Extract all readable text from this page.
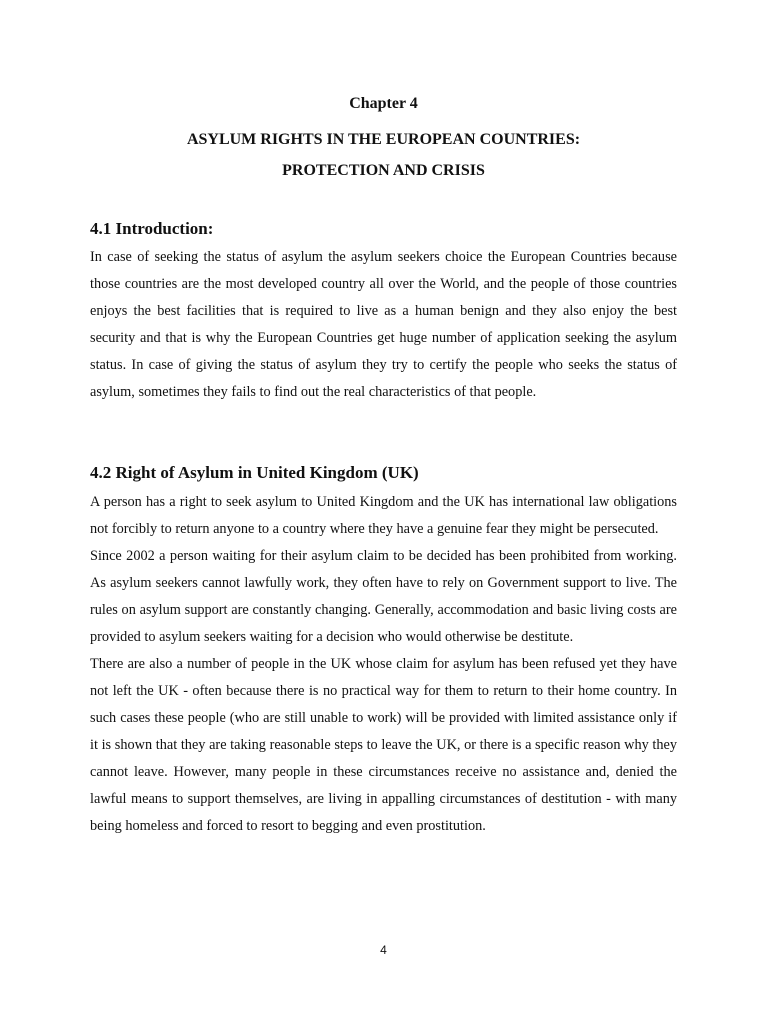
Chapter 4
ASYLUM RIGHTS IN THE EUROPEAN COUNTRIES:
PROTECTION AND CRISIS
4.1 Introduction:

In case of seeking the status of asylum the asylum seekers choice the European Countries because those countries are the most developed country all over the World, and the people of those countries enjoys the best facilities that is required to live as a human benign and they also enjoy the best security and that is why the European Countries get huge number of application seeking the asylum status. In case of giving the status of asylum they try to certify the people who seeks the status of asylum, sometimes they fails to find out the real characteristics of that people.

4.2 Right of Asylum in United Kingdom (UK)

A person has a right to seek asylum to United Kingdom and the UK has international law obligations not forcibly to return anyone to a country where they have a genuine fear they might be persecuted.

Since 2002 a person waiting for their asylum claim to be decided has been prohibited from working. As asylum seekers cannot lawfully work, they often have to rely on Government support to live. The rules on asylum support are constantly changing. Generally, accommodation and basic living costs are provided to asylum seekers waiting for a decision who would otherwise be destitute.

There are also a number of people in the UK whose claim for asylum has been refused yet they have not left the UK - often because there is no practical way for them to return to their home country. In such cases these people (who are still unable to work) will be provided with limited assistance only if it is shown that they are taking reasonable steps to leave the UK, or there is a specific reason why they cannot leave. However, many people in these circumstances receive no assistance and, denied the lawful means to support themselves, are living in appalling circumstances of destitution - with many being homeless and forced to resort to begging and even prostitution.

4
